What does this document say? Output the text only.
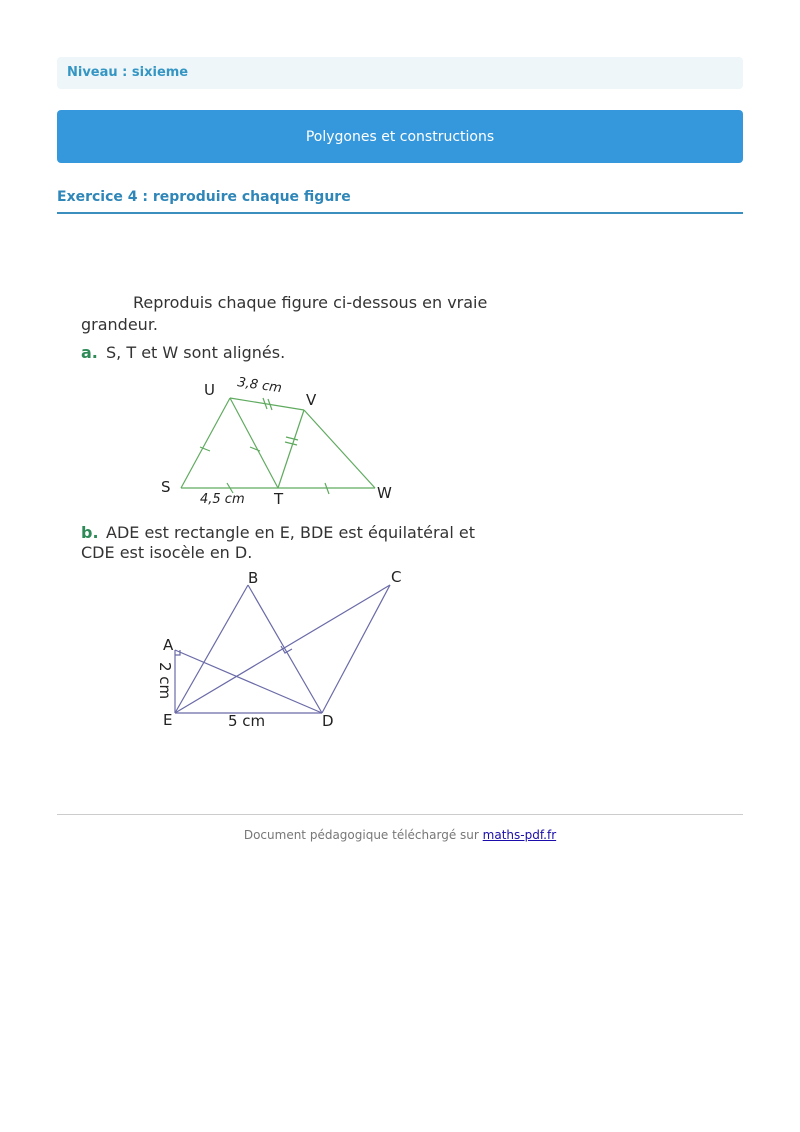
Niveau : sixieme
Polygones et constructions
Exercice 4 : reproduire chaque figure
Reproduis chaque figure ci-dessous en vraie
grandeur.
a. S, T et W sont alignés.
U
V
S
T	W
3,8 cm
4,5 cm
b. ADE est rectangle en E, BDE est équilatéral et
CDE est isocèle en D.
B	C
A
E	D
5 cm
2 cm
Document pédagogique téléchargé sur maths-pdf.fr
